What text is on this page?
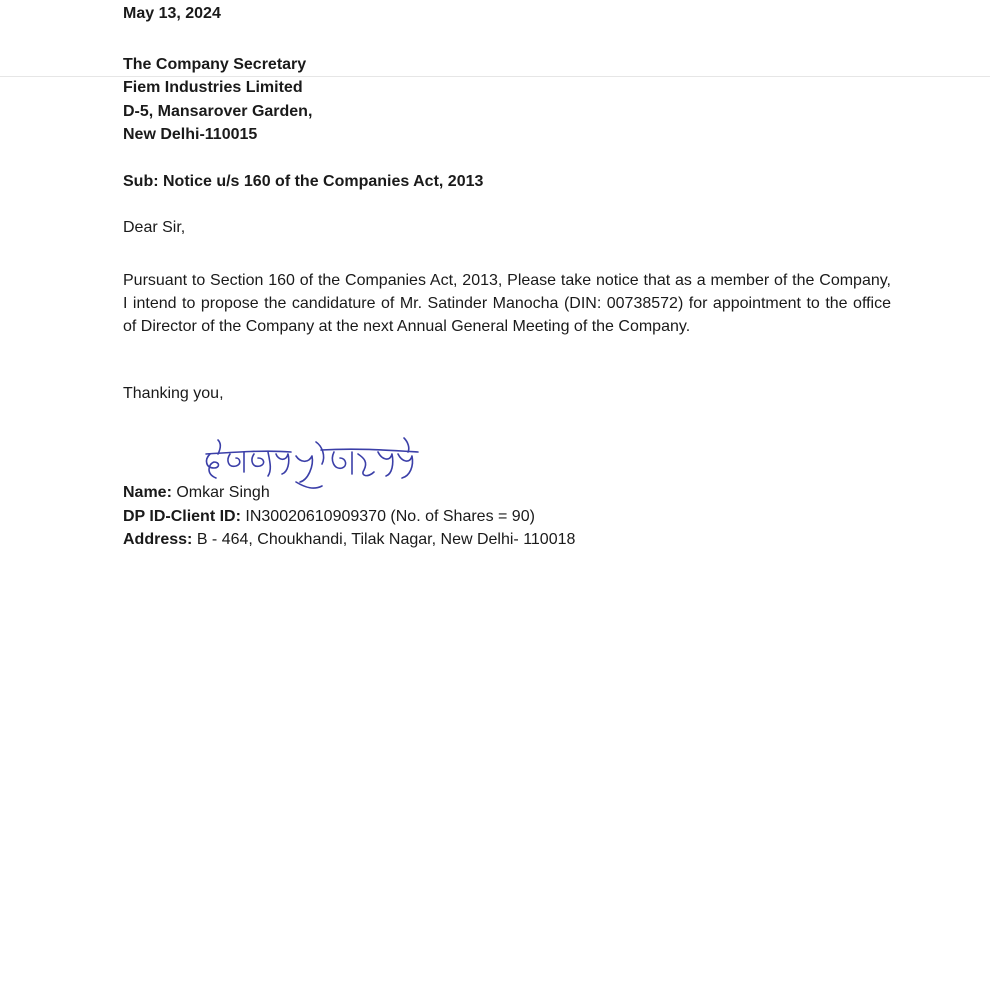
May 13, 2024
The Company Secretary
Fiem Industries Limited
D-5, Mansarover Garden,
New Delhi-110015
Sub: Notice u/s 160 of the Companies Act, 2013
Dear Sir,

Pursuant to Section 160 of the Companies Act, 2013, Please take notice that as a member of the Company, I intend to propose the candidature of Mr. Satinder Manocha (DIN: 00738572) for appointment to the office of Director of the Company at the next Annual General Meeting of the Company.

Thanking you,
Name: Omkar Singh
DP ID-Client ID: IN30020610909370 (No. of Shares = 90)
Address: B - 464, Choukhandi, Tilak Nagar, New Delhi- 110018
